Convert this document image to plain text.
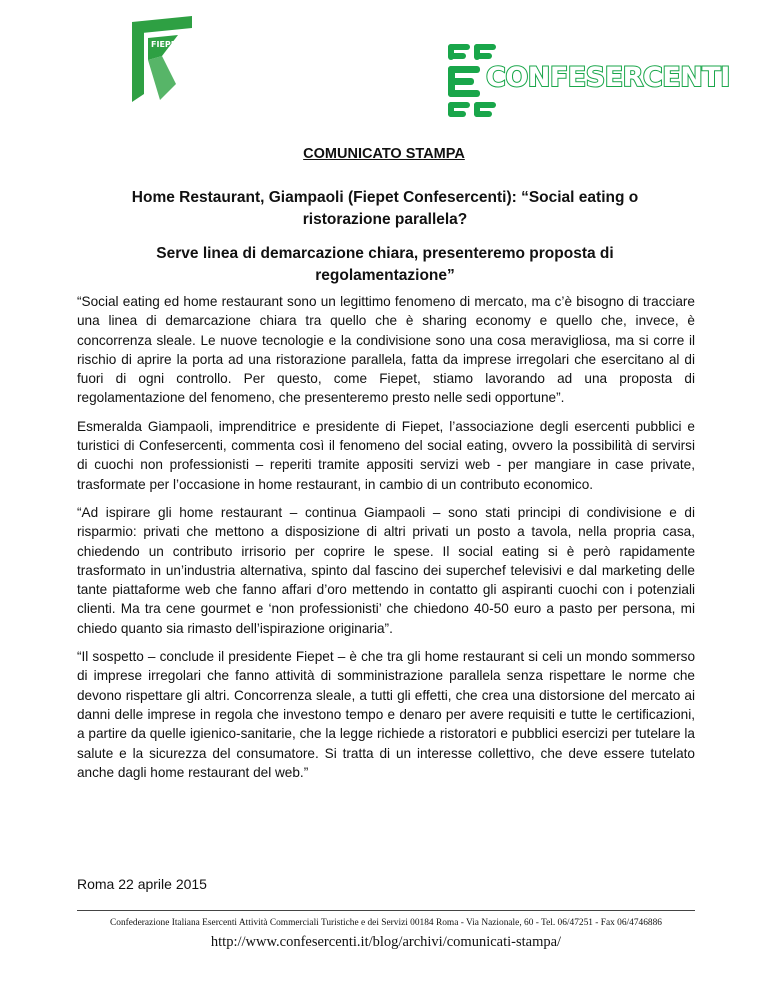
FIEPET
CONFESERCENTI
COMUNICATO STAMPA
Home Restaurant, Giampaoli (Fiepet Confesercenti): “Social eating o ristorazione parallela?
Serve linea di demarcazione chiara, presenteremo proposta di regolamentazione”

“Social eating ed home restaurant sono un legittimo fenomeno di mercato, ma c’è bisogno di tracciare una linea di demarcazione chiara tra quello che è sharing economy e quello che, invece, è concorrenza sleale. Le nuove tecnologie e la condivisione sono una cosa meravigliosa, ma si corre il rischio di aprire la porta ad una ristorazione parallela, fatta da imprese irregolari che esercitano al di fuori di ogni controllo. Per questo, come Fiepet, stiamo lavorando ad una proposta di regolamentazione del fenomeno, che presenteremo presto nelle sedi opportune”.

Esmeralda Giampaoli, imprenditrice e presidente di Fiepet, l’associazione degli esercenti pubblici e turistici di Confesercenti, commenta così il fenomeno del social eating, ovvero la possibilità di servirsi di cuochi non professionisti – reperiti tramite appositi servizi web - per mangiare in case private, trasformate per l’occasione in home restaurant, in cambio di un contributo economico.

“Ad ispirare gli home restaurant – continua Giampaoli – sono stati principi di condivisione e di risparmio: privati che mettono a disposizione di altri privati un posto a tavola, nella propria casa, chiedendo un contributo irrisorio per coprire le spese. Il social eating si è però rapidamente trasformato in un’industria alternativa, spinto dal fascino dei superchef televisivi e dal marketing delle tante piattaforme web che fanno affari d’oro mettendo in contatto gli aspiranti cuochi con i potenziali clienti. Ma tra cene gourmet e ‘non professionisti’ che chiedono 40-50 euro a pasto per persona, mi chiedo quanto sia rimasto dell’ispirazione originaria”.

“Il sospetto – conclude il presidente Fiepet – è che tra gli home restaurant si celi un mondo sommerso di imprese irregolari che fanno attività di somministrazione parallela senza rispettare le norme che devono rispettare gli altri. Concorrenza sleale, a tutti gli effetti, che crea una distorsione del mercato ai danni delle imprese in regola che investono tempo e denaro per avere requisiti e tutte le certificazioni, a partire da quelle igienico-sanitarie, che la legge richiede a ristoratori e pubblici esercizi per tutelare la salute e la sicurezza del consumatore. Si tratta di un interesse collettivo, che deve essere tutelato anche dagli home restaurant del web.”

Roma 22 aprile 2015
Confederazione Italiana Esercenti Attività Commerciali Turistiche e dei Servizi 00184 Roma - Via Nazionale, 60 - Tel. 06/47251 - Fax 06/4746886
http://www.confesercenti.it/blog/archivi/comunicati-stampa/
